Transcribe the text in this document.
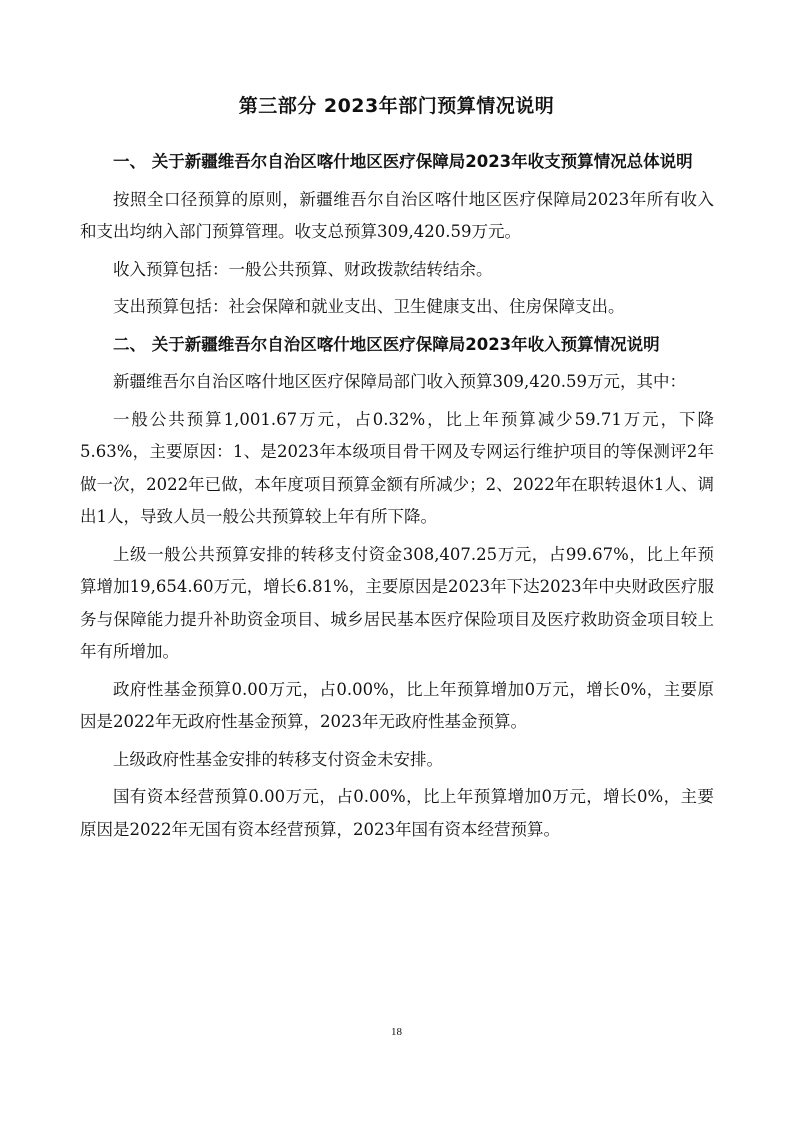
第三部分 2023年部门预算情况说明

一、 关于新疆维吾尔自治区喀什地区医疗保障局2023年收支预算情况总体说明

按照全口径预算的原则，新疆维吾尔自治区喀什地区医疗保障局2023年所有收入和支出均纳入部门预算管理。收支总预算309,420.59万元。

收入预算包括：一般公共预算、财政拨款结转结余。

支出预算包括：社会保障和就业支出、卫生健康支出、住房保障支出。

二、 关于新疆维吾尔自治区喀什地区医疗保障局2023年收入预算情况说明

新疆维吾尔自治区喀什地区医疗保障局部门收入预算309,420.59万元，其中：

一般公共预算1,001.67万元，占0.32%，比上年预算减少59.71万元，下降5.63%，主要原因：1、是2023年本级项目骨干网及专网运行维护项目的等保测评2年做一次，2022年已做，本年度项目预算金额有所减少；2、2022年在职转退休1人、调出1人，导致人员一般公共预算较上年有所下降。

上级一般公共预算安排的转移支付资金308,407.25万元，占99.67%，比上年预算增加19,654.60万元，增长6.81%，主要原因是2023年下达2023年中央财政医疗服务与保障能力提升补助资金项目、城乡居民基本医疗保险项目及医疗救助资金项目较上年有所增加。

政府性基金预算0.00万元，占0.00%，比上年预算增加0万元，增长0%，主要原因是2022年无政府性基金预算，2023年无政府性基金预算。

上级政府性基金安排的转移支付资金未安排。

国有资本经营预算0.00万元，占0.00%，比上年预算增加0万元，增长0%，主要原因是2022年无国有资本经营预算，2023年国有资本经营预算。

18
